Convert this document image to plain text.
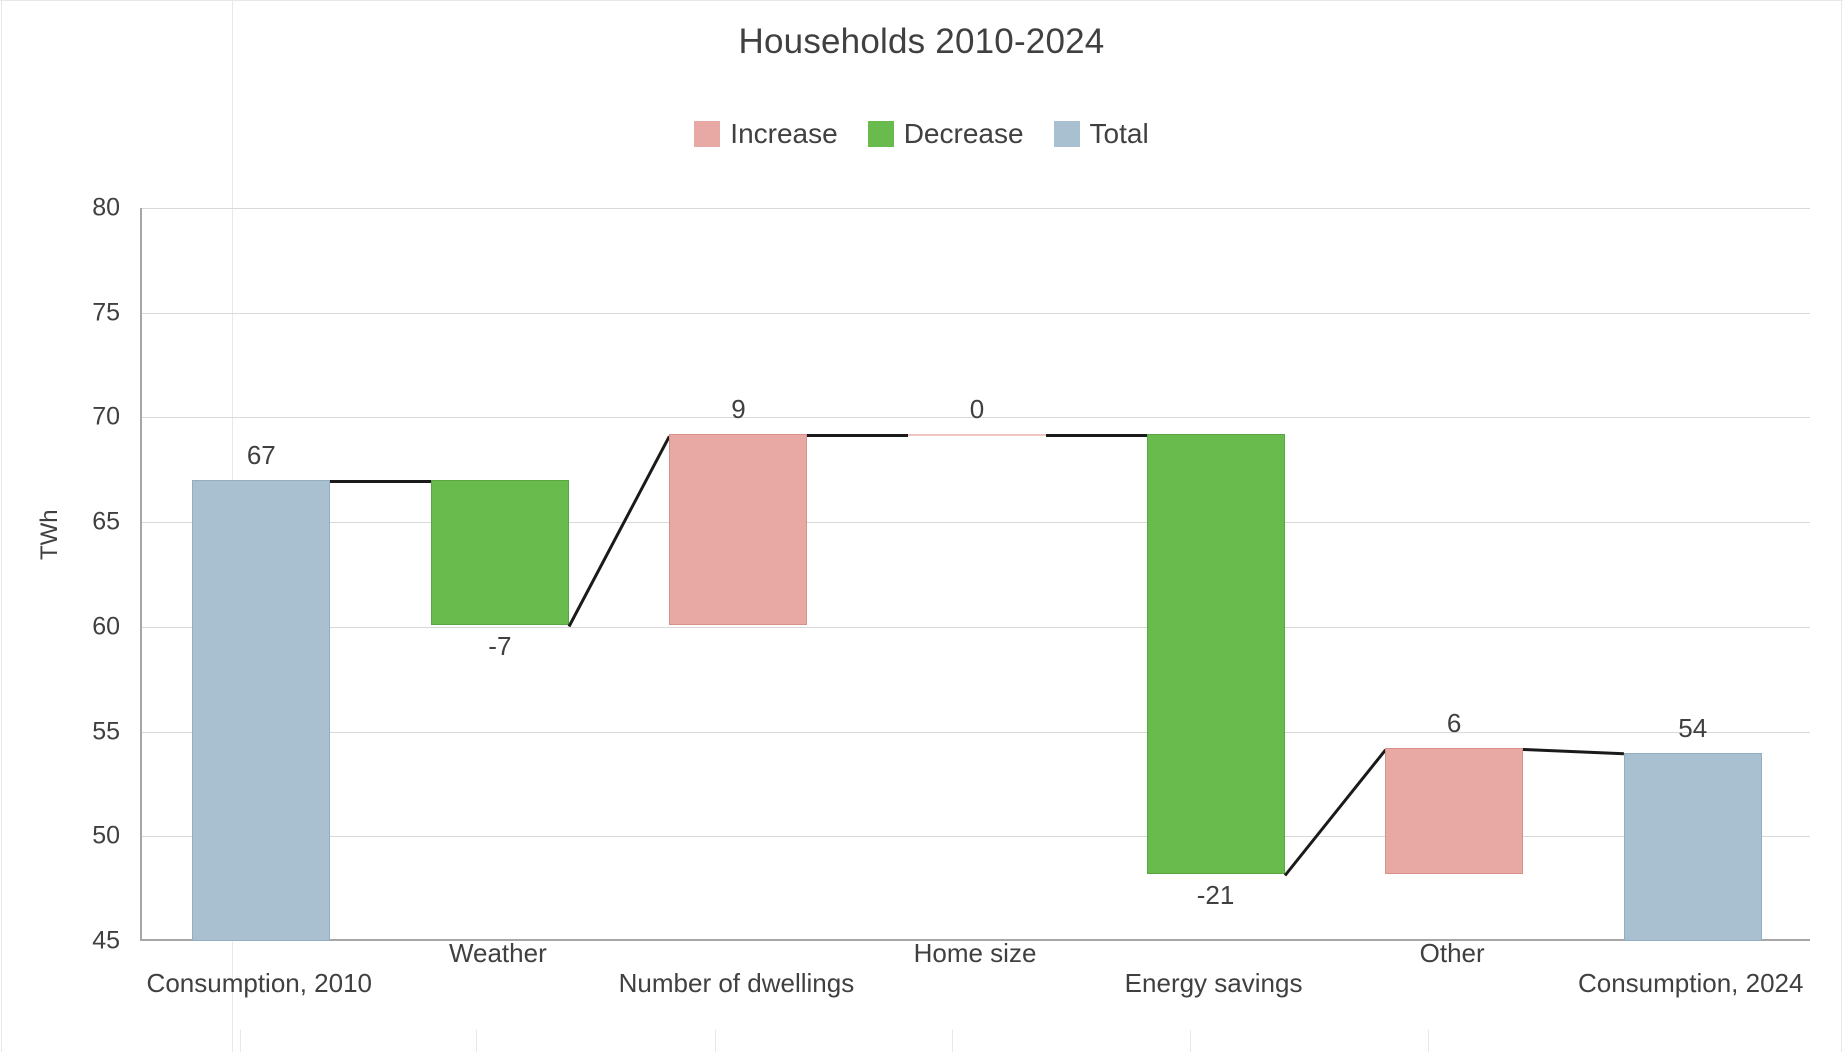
Households 2010-2024
Increase Decrease Total
TWh
45
50
55
60
65
70
75
80
67
-7
9	0
-21
6	54
Consumption, 2010
Weather
Number of dwellings
Home size
Energy savings
Other
Consumption, 2024
